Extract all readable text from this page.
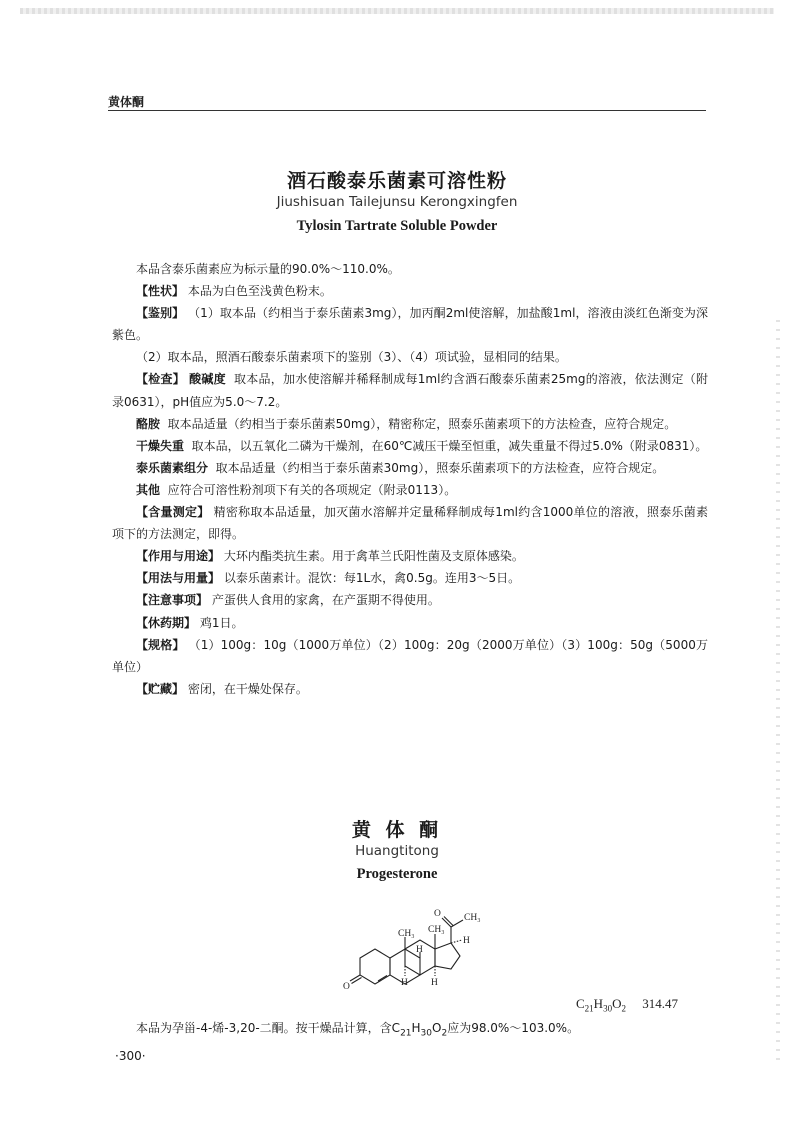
黄体酮
酒石酸泰乐菌素可溶性粉
Jiushisuan Tailejunsu Kerongxingfen
Tylosin Tartrate Soluble Powder

本品含泰乐菌素应为标示量的90.0%～110.0%。

【性状】 本品为白色至浅黄色粉末。

【鉴别】 （1）取本品（约相当于泰乐菌素3mg），加丙酮2ml使溶解，加盐酸1ml，溶液由淡红色渐变为深紫色。

（2）取本品，照酒石酸泰乐菌素项下的鉴别（3）、（4）项试验，显相同的结果。

【检查】 酸碱度 取本品，加水使溶解并稀释制成每1ml约含酒石酸泰乐菌素25mg的溶液，依法测定（附录0631），pH值应为5.0～7.2。

酪胺 取本品适量（约相当于泰乐菌素50mg），精密称定，照泰乐菌素项下的方法检查，应符合规定。

干燥失重 取本品，以五氧化二磷为干燥剂，在60℃减压干燥至恒重，减失重量不得过5.0%（附录0831）。

泰乐菌素组分 取本品适量（约相当于泰乐菌素30mg），照泰乐菌素项下的方法检查，应符合规定。

其他 应符合可溶性粉剂项下有关的各项规定（附录0113）。

【含量测定】 精密称取本品适量，加灭菌水溶解并定量稀释制成每1ml约含1000单位的溶液，照泰乐菌素项下的方法测定，即得。

【作用与用途】 大环内酯类抗生素。用于禽革兰氏阳性菌及支原体感染。

【用法与用量】 以泰乐菌素计。混饮：每1L水，禽0.5g。连用3～5日。

【注意事项】 产蛋供人食用的家禽，在产蛋期不得使用。

【休药期】 鸡1日。

【规格】 （1）100g：10g（1000万单位）（2）100g：20g（2000万单位）（3）100g：50g（5000万单位）

【贮藏】 密闭，在干燥处保存。

黄 体 酮
Huangtitong
Progesterone
O
O CH₃
CH₃
CH₃
H
H
H H
$C_{21}H_{30}O_2$ 314.47
本品为孕甾-4-烯-3,20-二酮。按干燥品计算，含$C_{21}H_{30}O_2$应为98.0%～103.0%。
·300·
